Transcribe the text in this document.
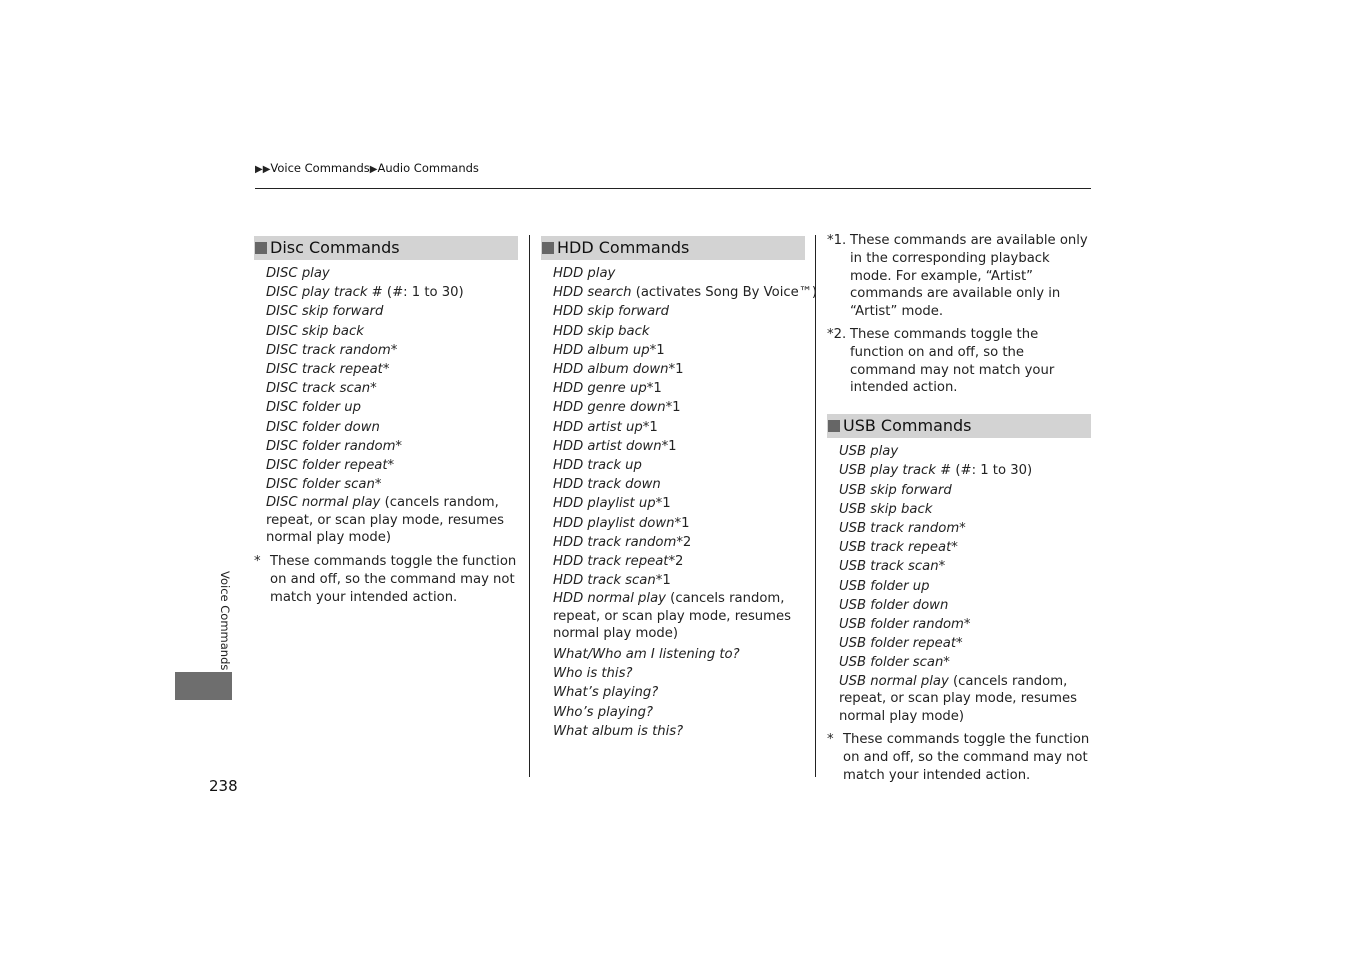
▶▶Voice Commands▶Audio Commands
Disc Commands
DISC play
DISC play track # (#: 1 to 30)
DISC skip forward
DISC skip back
DISC track random*
DISC track repeat*
DISC track scan*
DISC folder up
DISC folder down
DISC folder random*
DISC folder repeat*
DISC folder scan*
DISC normal play (cancels random, repeat, or scan play mode, resumes normal play mode)
* These commands toggle the function on and off, so the command may not match your intended action.
HDD Commands
HDD play
HDD search (activates Song By Voice™)
HDD skip forward
HDD skip back
HDD album up*1
HDD album down*1
HDD genre up*1
HDD genre down*1
HDD artist up*1
HDD artist down*1
HDD track up
HDD track down
HDD playlist up*1
HDD playlist down*1
HDD track random*2
HDD track repeat*2
HDD track scan*1
HDD normal play (cancels random, repeat, or scan play mode, resumes normal play mode)
What/Who am I listening to?
Who is this?
What’s playing?
Who’s playing?
What album is this?
*1. These commands are available only in the corresponding playback mode. For example, “Artist” commands are available only in “Artist” mode.
*2. These commands toggle the function on and off, so the command may not match your intended action.
USB Commands
USB play
USB play track # (#: 1 to 30)
USB skip forward
USB skip back
USB track random*
USB track repeat*
USB track scan*
USB folder up
USB folder down
USB folder random*
USB folder repeat*
USB folder scan*
USB normal play (cancels random, repeat, or scan play mode, resumes normal play mode)
* These commands toggle the function on and off, so the command may not match your intended action.
Voice Commands
238
